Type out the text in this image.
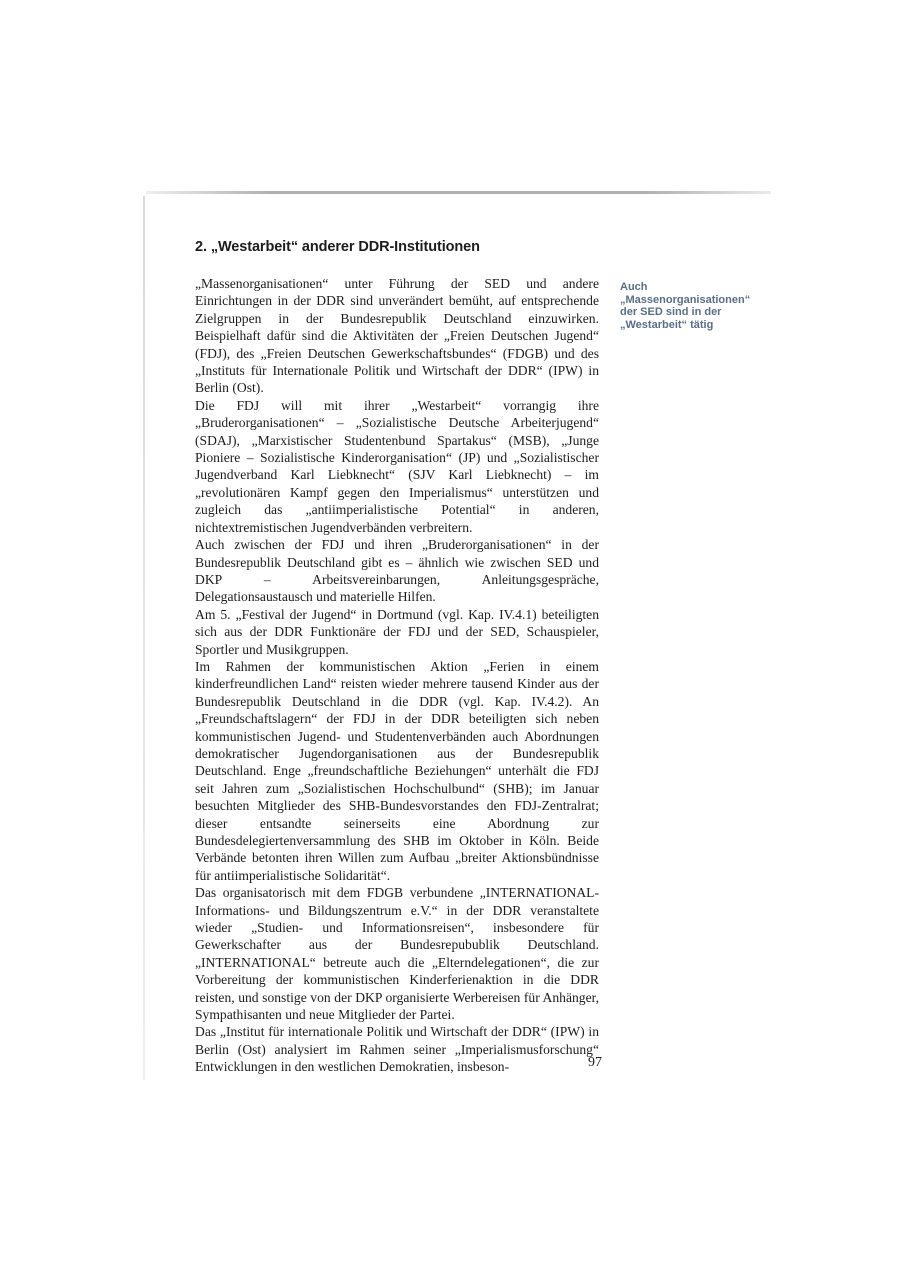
2. „Westarbeit“ anderer DDR-Institutionen

„Massenorganisationen“ unter Führung der SED und andere Einrichtungen in der DDR sind unverändert bemüht, auf entsprechende Zielgruppen in der Bundesrepublik Deutschland einzuwirken. Beispielhaft dafür sind die Aktivitäten der „Freien Deutschen Jugend“ (FDJ), des „Freien Deutschen Gewerkschaftsbundes“ (FDGB) und des „Instituts für Internationale Politik und Wirtschaft der DDR“ (IPW) in Berlin (Ost).

Die FDJ will mit ihrer „Westarbeit“ vorrangig ihre „Bruderorganisationen“ – „Sozialistische Deutsche Arbeiterjugend“ (SDAJ), „Marxistischer Studentenbund Spartakus“ (MSB), „Junge Pioniere – Sozialistische Kinderorganisation“ (JP) und „Sozialistischer Jugendverband Karl Liebknecht“ (SJV Karl Liebknecht) – im „revolutionären Kampf gegen den Imperialismus“ unterstützen und zugleich das „antiimperialistische Potential“ in anderen, nichtextremistischen Jugendverbänden verbreitern.

Auch zwischen der FDJ und ihren „Bruderorganisationen“ in der Bundesrepublik Deutschland gibt es – ähnlich wie zwischen SED und DKP – Arbeitsvereinbarungen, Anleitungsgespräche, Delegationsaustausch und materielle Hilfen.

Am 5. „Festival der Jugend“ in Dortmund (vgl. Kap. IV.4.1) beteiligten sich aus der DDR Funktionäre der FDJ und der SED, Schauspieler, Sportler und Musikgruppen.

Im Rahmen der kommunistischen Aktion „Ferien in einem kinderfreundlichen Land“ reisten wieder mehrere tausend Kinder aus der Bundesrepublik Deutschland in die DDR (vgl. Kap. IV.4.2). An „Freundschaftslagern“ der FDJ in der DDR beteiligten sich neben kommunistischen Jugend- und Studentenverbänden auch Abordnungen demokratischer Jugendorganisationen aus der Bundesrepublik Deutschland. Enge „freundschaftliche Beziehungen“ unterhält die FDJ seit Jahren zum „Sozialistischen Hochschulbund“ (SHB); im Januar besuchten Mitglieder des SHB-Bundesvorstandes den FDJ-Zentralrat; dieser entsandte seinerseits eine Abordnung zur Bundesdelegiertenversammlung des SHB im Oktober in Köln. Beide Verbände betonten ihren Willen zum Aufbau „breiter Aktionsbündnisse für antiimperialistische Solidarität“.

Das organisatorisch mit dem FDGB verbundene „INTERNATIONAL-Informations- und Bildungszentrum e.V.“ in der DDR veranstaltete wieder „Studien- und Informationsreisen“, insbesondere für Gewerkschafter aus der Bundesrepubublik Deutschland. „INTERNATIONAL“ betreute auch die „Elterndelegationen“, die zur Vorbereitung der kommunistischen Kinderferienaktion in die DDR reisten, und sonstige von der DKP organisierte Werbereisen für Anhänger, Sympathisanten und neue Mitglieder der Partei.

Das „Institut für internationale Politik und Wirtschaft der DDR“ (IPW) in Berlin (Ost) analysiert im Rahmen seiner „Imperialismusforschung“ Entwicklungen in den westlichen Demokratien, insbeson-

Auch „Massenorganisationen“ der SED sind in der „Westarbeit“ tätig

97
